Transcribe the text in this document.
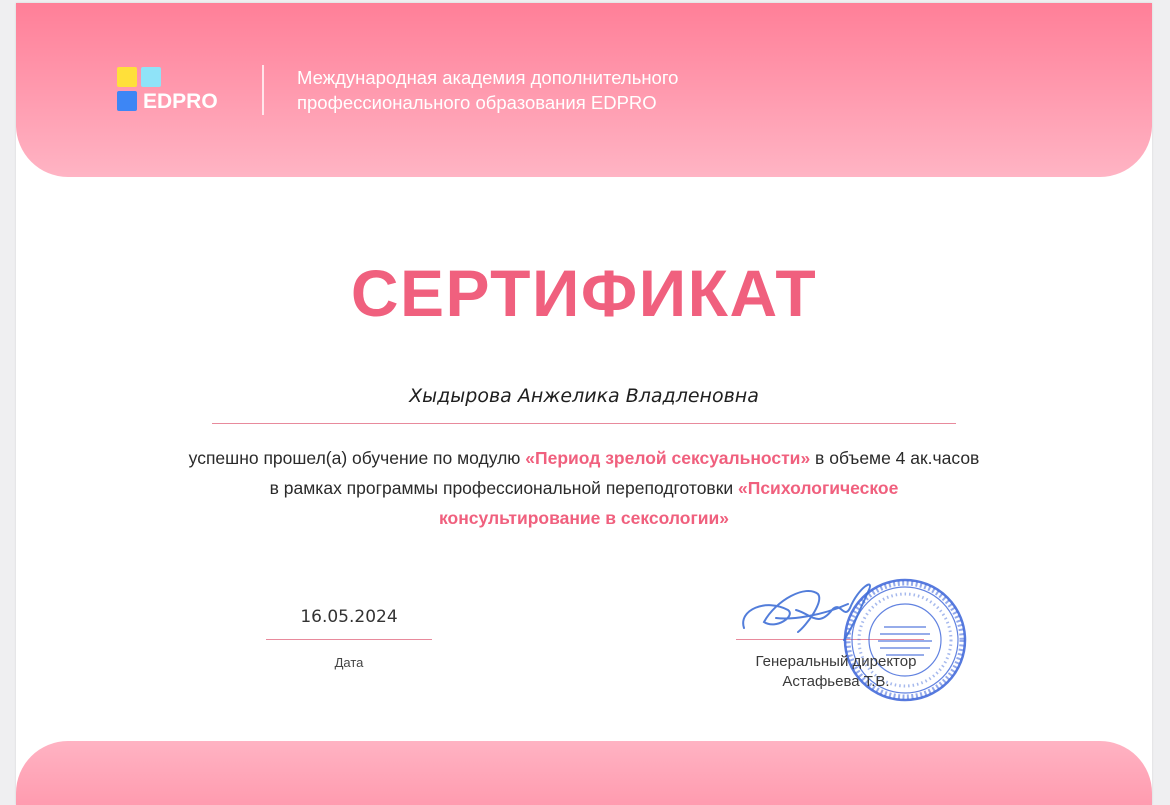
EDPRO
Международная академия дополнительного
профессионального образования EDPRO
СЕРТИФИКАТ
Хыдырова Анжелика Владленовна
успешно прошел(а) обучение по модулю «Период зрелой сексуальности» в объеме 4 ак.часов
в рамках программы профессиональной переподготовки «Психологическое
консультирование в сексологии»
16.05.2024
Дата	Генеральный директор
Астафьева Т.В.
